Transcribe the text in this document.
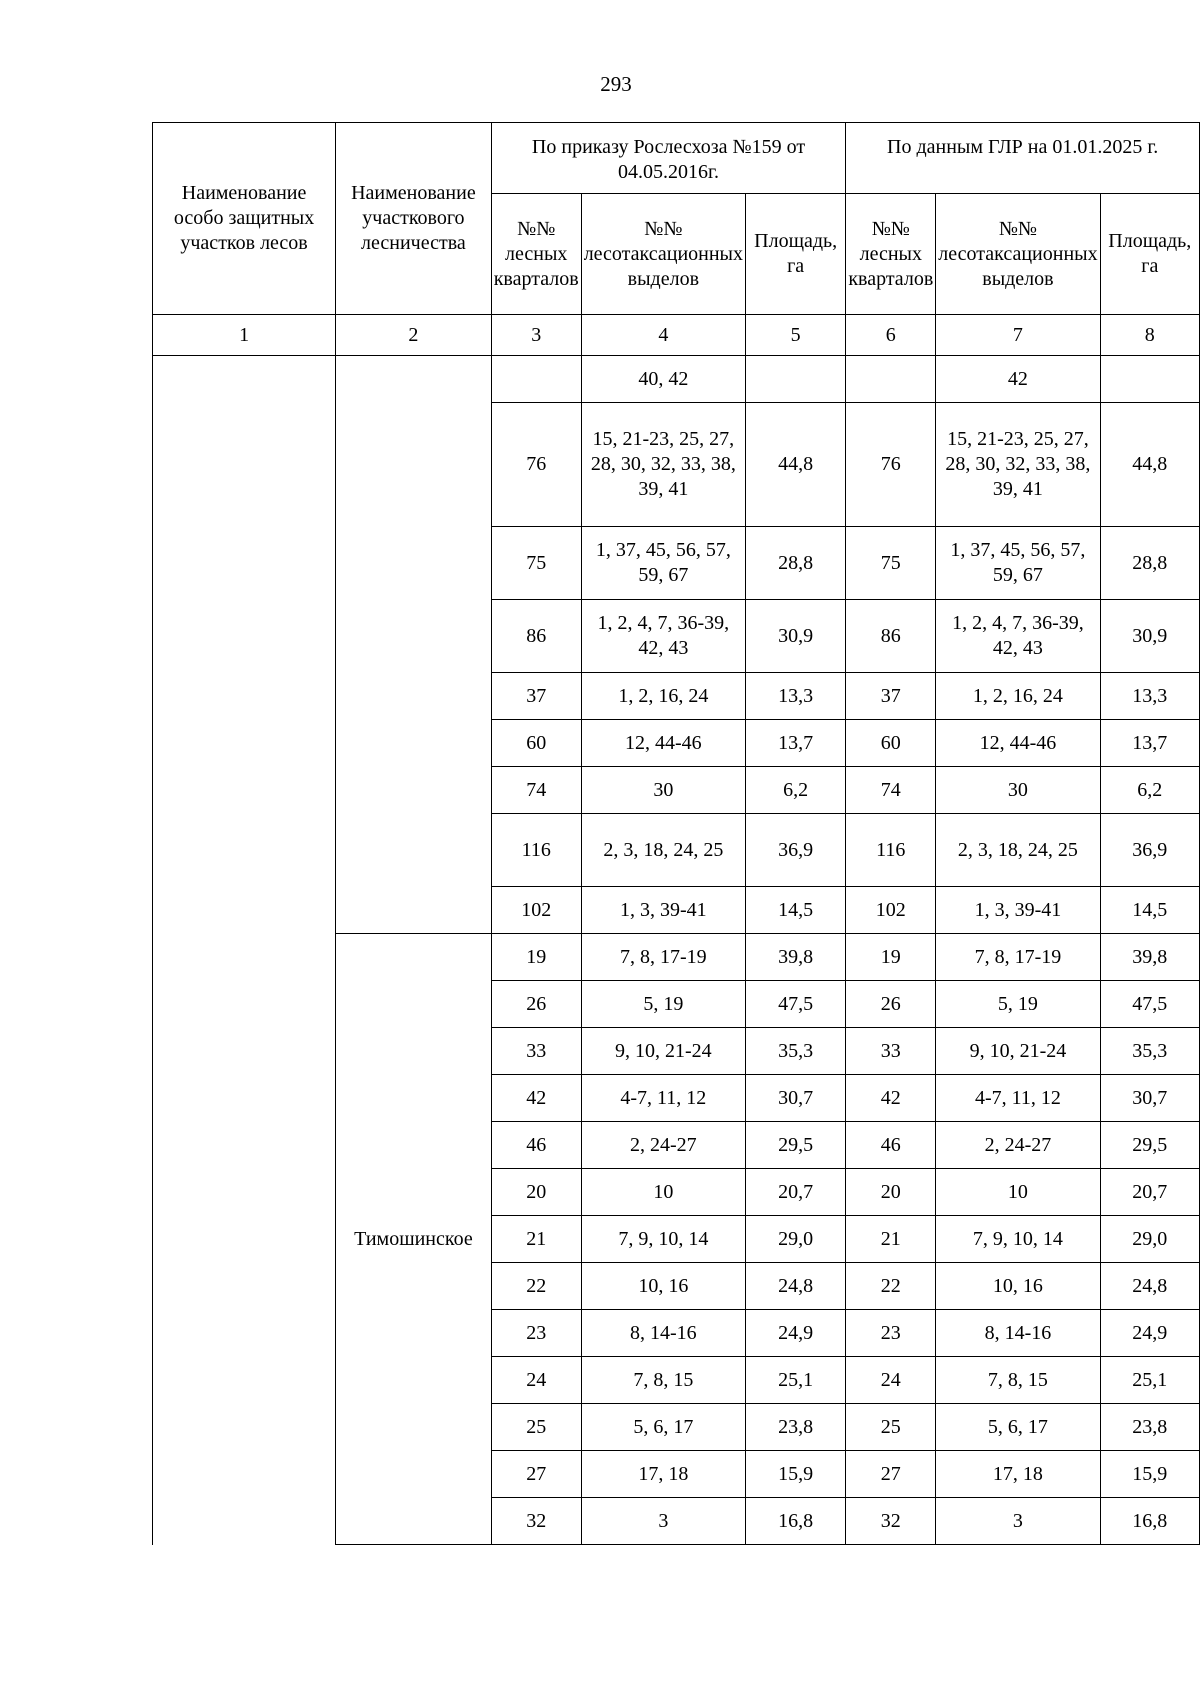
293
Наименование особо защитных участков лесов	Наименование участкового лесничества	По приказу Рослесхоза №159 от 04.05.2016г.			По данным ГЛР на 01.01.2025 г.		
		№№ лесных кварталов	№№ лесотаксационных выделов	Площадь, га	№№ лесных кварталов	№№ лесотаксационных выделов	Площадь, га
1	2	3	4	5	6	7	8
			40, 42			42	
		76	15, 21-23, 25, 27, 28, 30, 32, 33, 38, 39, 41	44,8	76	15, 21-23, 25, 27, 28, 30, 32, 33, 38, 39, 41	44,8
		75	1, 37, 45, 56, 57, 59, 67	28,8	75	1, 37, 45, 56, 57, 59, 67	28,8
		86	1, 2, 4, 7, 36-39, 42, 43	30,9	86	1, 2, 4, 7, 36-39, 42, 43	30,9
		37	1, 2, 16, 24	13,3	37	1, 2, 16, 24	13,3
		60	12, 44-46	13,7	60	12, 44-46	13,7
		74	30	6,2	74	30	6,2
		116	2, 3, 18, 24, 25	36,9	116	2, 3, 18, 24, 25	36,9
		102	1, 3, 39-41	14,5	102	1, 3, 39-41	14,5
	Тимошинское	19	7, 8, 17-19	39,8	19	7, 8, 17-19	39,8
		26	5, 19	47,5	26	5, 19	47,5
		33	9, 10, 21-24	35,3	33	9, 10, 21-24	35,3
		42	4-7, 11, 12	30,7	42	4-7, 11, 12	30,7
		46	2, 24-27	29,5	46	2, 24-27	29,5
		20	10	20,7	20	10	20,7
		21	7, 9, 10, 14	29,0	21	7, 9, 10, 14	29,0
		22	10, 16	24,8	22	10, 16	24,8
		23	8, 14-16	24,9	23	8, 14-16	24,9
		24	7, 8, 15	25,1	24	7, 8, 15	25,1
		25	5, 6, 17	23,8	25	5, 6, 17	23,8
		27	17, 18	15,9	27	17, 18	15,9
		32	3	16,8	32	3	16,8
